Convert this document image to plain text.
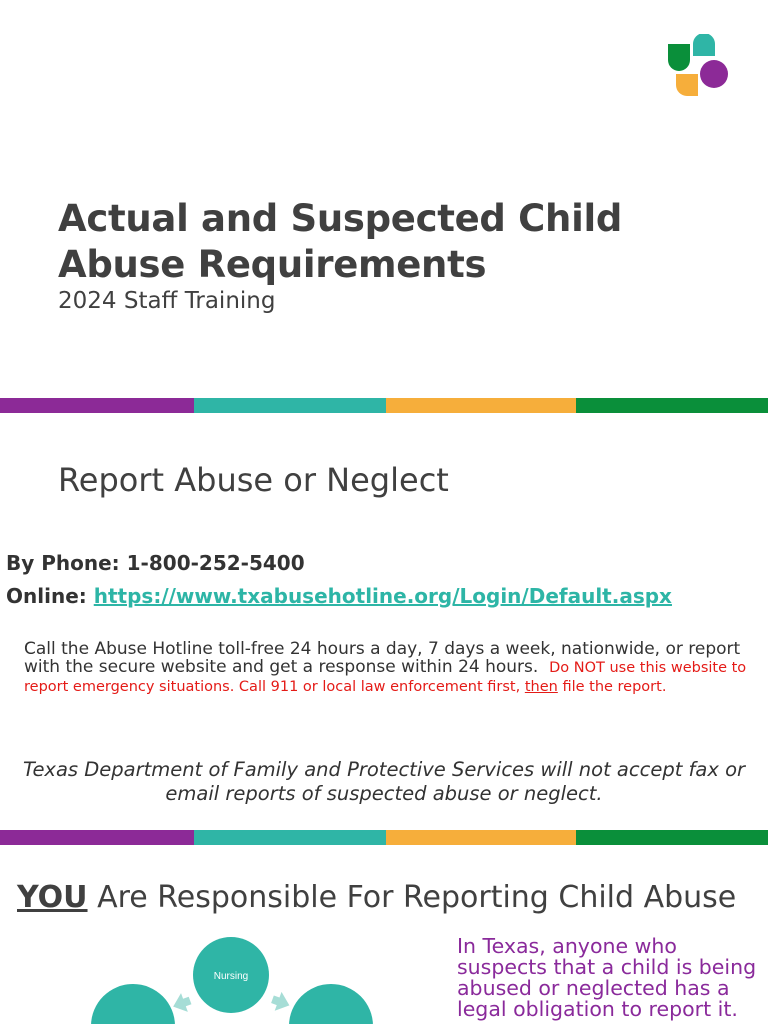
Actual and Suspected Child
Abuse Requirements
2024 Staff Training
Report Abuse or Neglect
By Phone: 1-800-252-5400
Online: https://www.txabusehotline.org/Login/Default.aspx
Call the Abuse Hotline toll-free 24 hours a day, 7 days a week, nationwide, or report with the secure website and get a response within 24 hours. Do NOT use this website to report emergency situations. Call 911 or local law enforcement first, then file the report.
Texas Department of Family and Protective Services will not accept fax or email reports of suspected abuse or neglect.
YOU Are Responsible For Reporting Child Abuse
Nursing
In Texas, anyone who suspects that a child is being abused or neglected has a legal obligation to report it.
